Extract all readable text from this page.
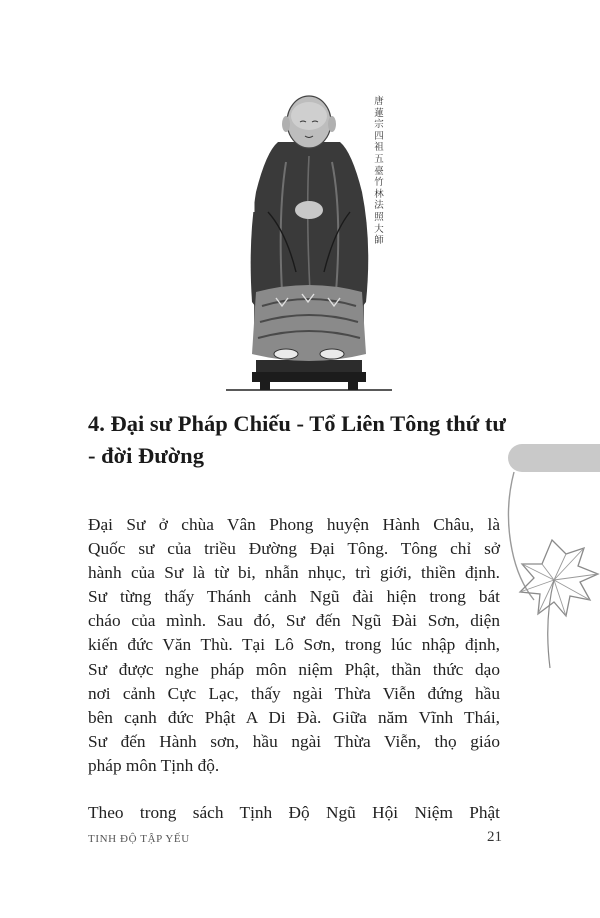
唐蓮宗四祖五臺竹林法照大師
4. Đại sư Pháp Chiếu - Tổ Liên Tông thứ tư - đời Đường
Đại Sư ở chùa Vân Phong huyện Hành Châu, là
Quốc sư của triều Đường Đại Tông. Tông chỉ sở
hành của Sư là từ bi, nhẫn nhục, trì giới, thiền định.
Sư từng thấy Thánh cảnh Ngũ đài hiện trong bát
cháo của mình. Sau đó, Sư đến Ngũ Đài Sơn, diện
kiến đức Văn Thù. Tại Lô Sơn, trong lúc nhập định,
Sư được nghe pháp môn niệm Phật, thần thức dạo
nơi cảnh Cực Lạc, thấy ngài Thừa Viễn đứng hầu
bên cạnh đức Phật A Di Đà. Giữa năm Vĩnh Thái,
Sư đến Hành sơn, hầu ngài Thừa Viễn, thọ giáo
pháp môn Tịnh độ.

Theo trong sách Tịnh Độ Ngũ Hội Niệm Phật

TINH ĐỘ TẬP YẾU	21
